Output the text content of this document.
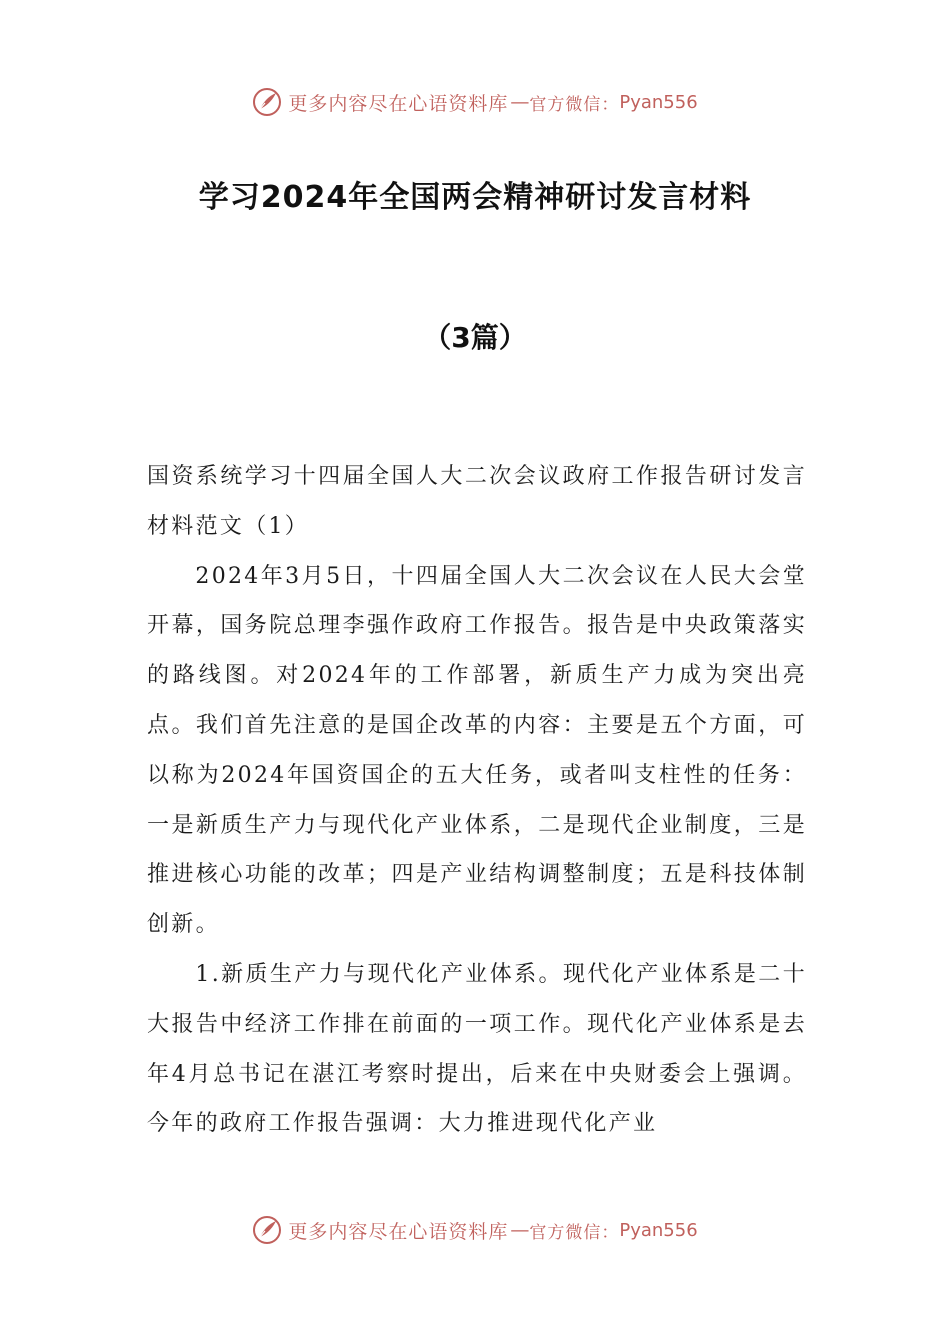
更多内容尽在心语资料库 — 官方微信： Pyan556
学习2024年全国两会精神研讨发言材料
（3篇）

国资系统学习十四届全国人大二次会议政府工作报告研讨发言材料范文（1）

2024年3月5日，十四届全国人大二次会议在人民大会堂开幕，国务院总理李强作政府工作报告。报告是中央政策落实的路线图。对2024年的工作部署，新质生产力成为突出亮点。我们首先注意的是国企改革的内容：主要是五个方面，可以称为2024年国资国企的五大任务，或者叫支柱性的任务：一是新质生产力与现代化产业体系，二是现代企业制度，三是推进核心功能的改革；四是产业结构调整制度；五是科技体制创新。

1.新质生产力与现代化产业体系。现代化产业体系是二十大报告中经济工作排在前面的一项工作。现代化产业体系是去年4月总书记在湛江考察时提出，后来在中央财委会上强调。今年的政府工作报告强调：大力推进现代化产业

更多内容尽在心语资料库 — 官方微信： Pyan556
